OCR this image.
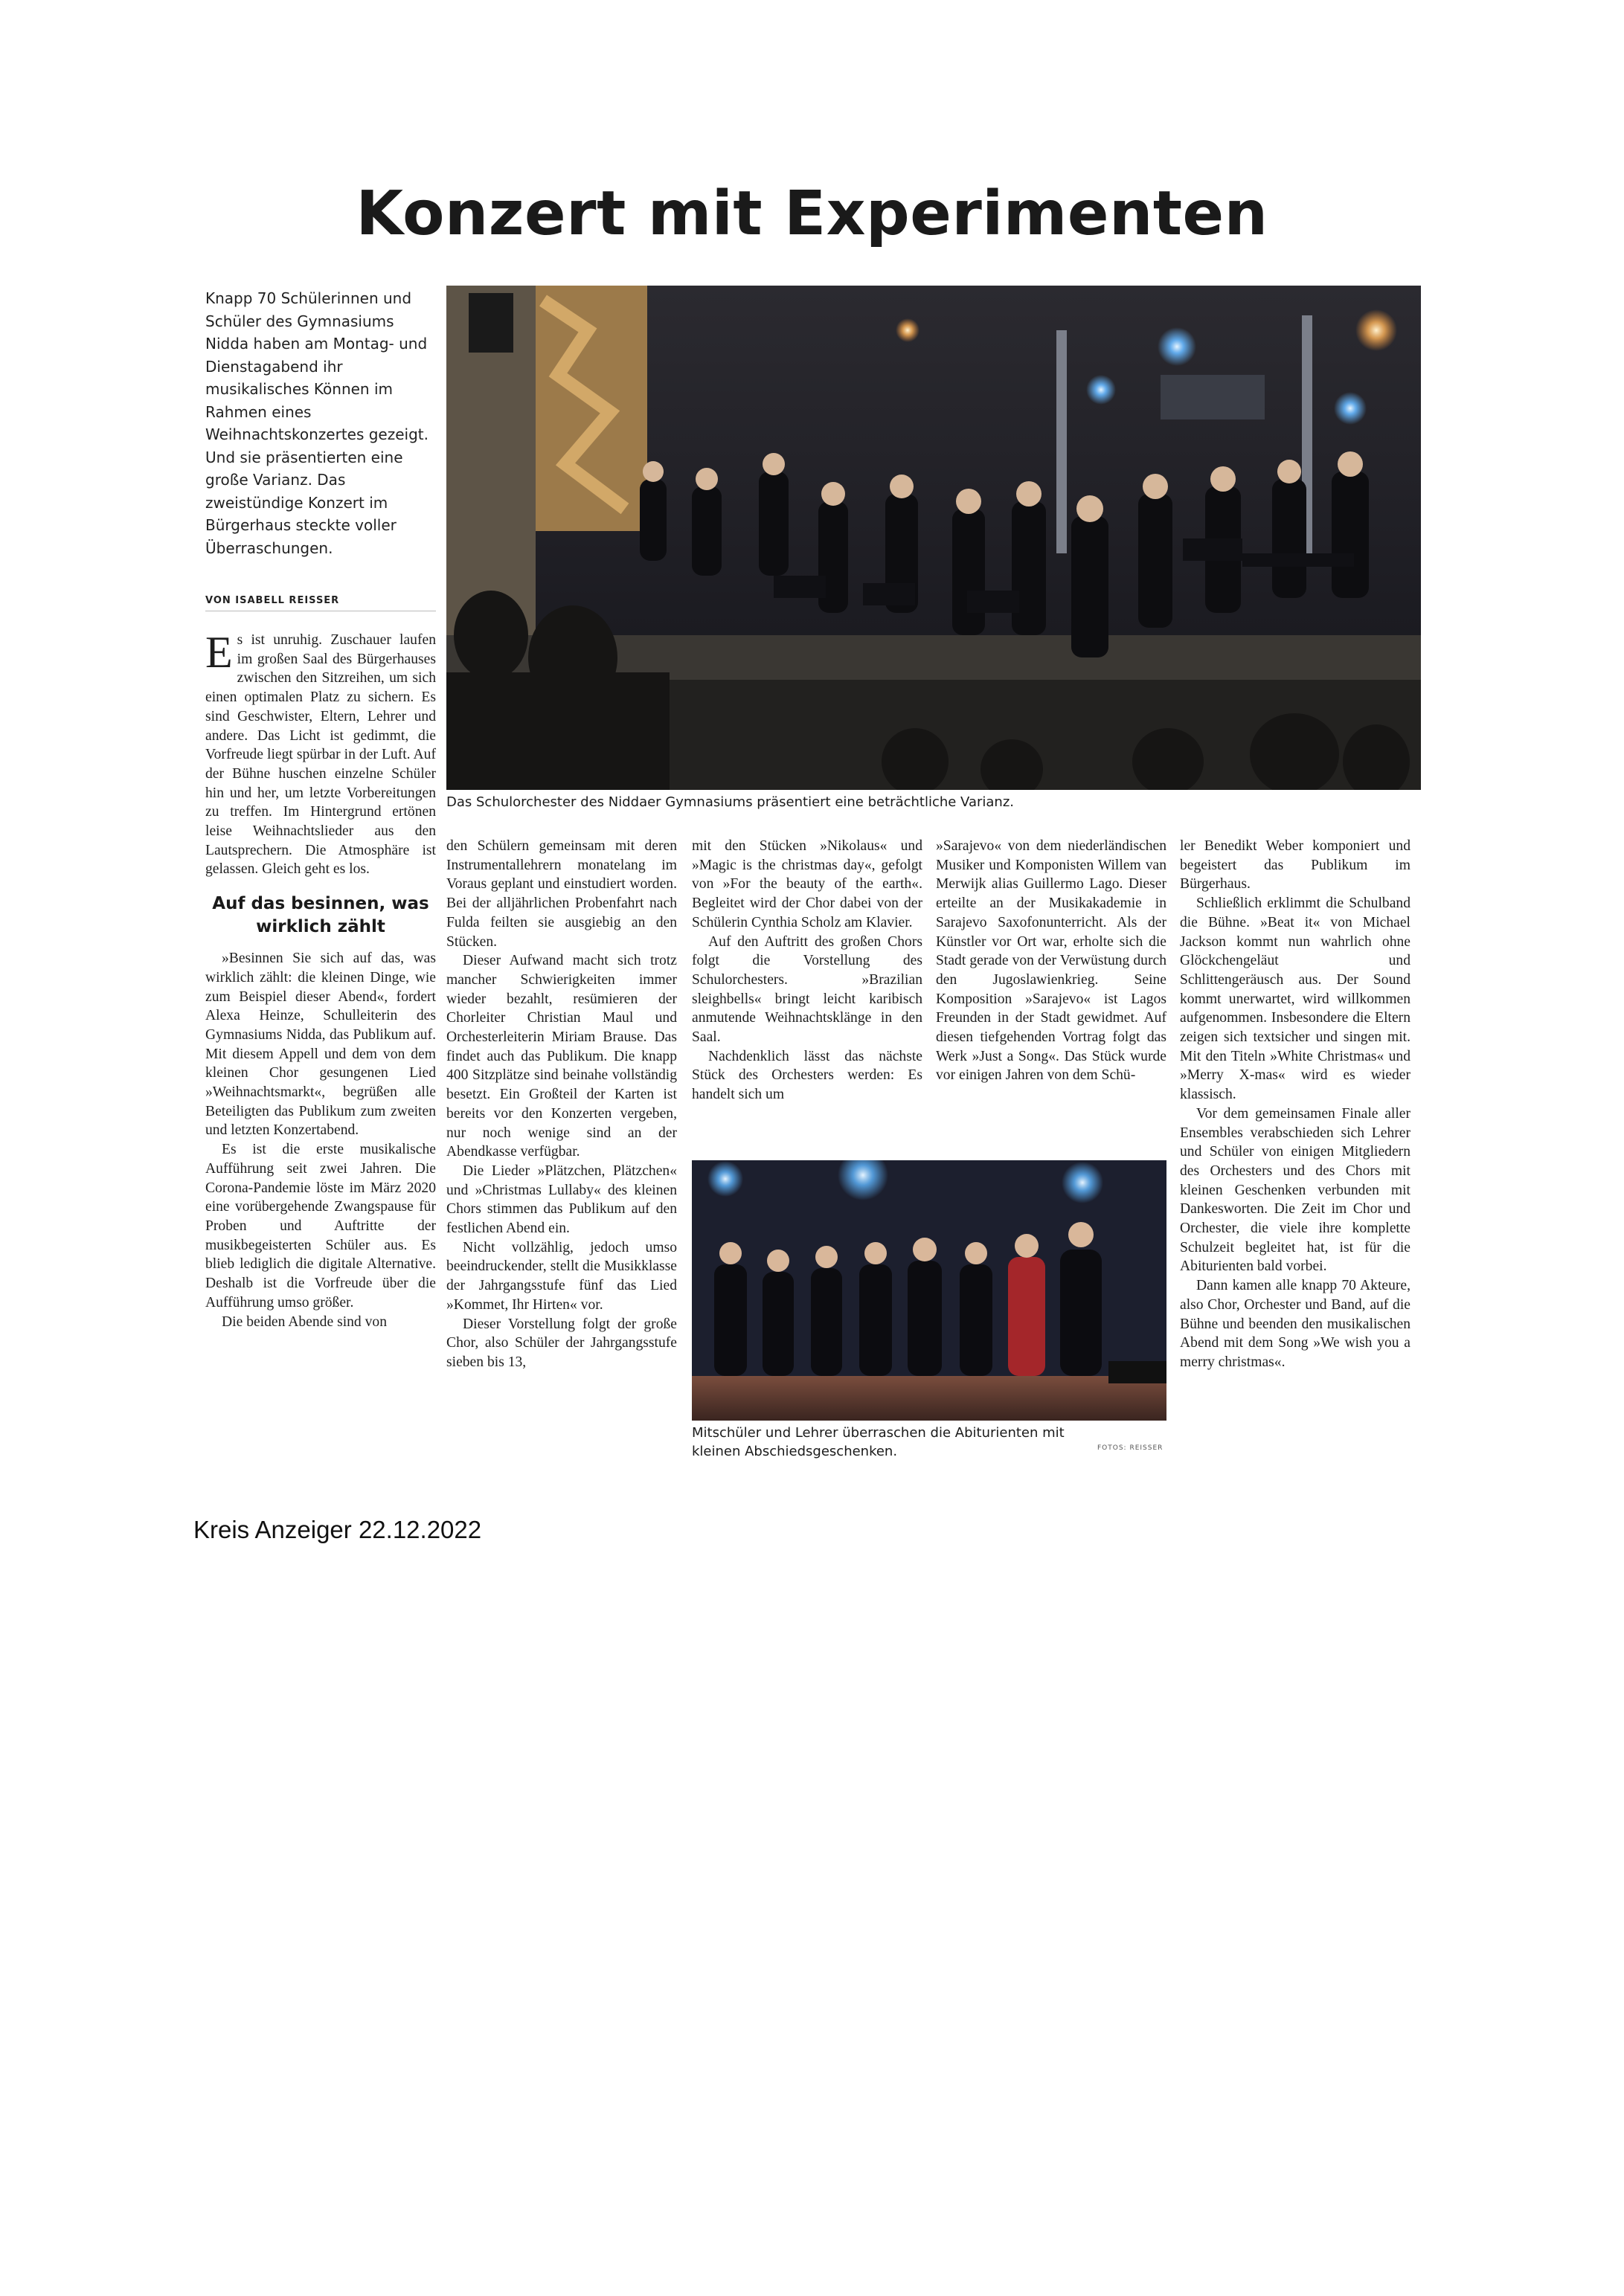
Konzert mit Experimenten
Knapp 70 Schülerinnen und Schüler des Gymnasiums Nidda haben am Montag- und Dienstagabend ihr musikalisches Können im Rahmen eines Weihnachtskonzertes gezeigt. Und sie präsentierten eine große Varianz. Das zweistündige Konzert im Bürgerhaus steckte voller Überraschungen.
VON ISABELL REISSER
Das Schulorchester des Niddaer Gymnasiums präsentiert eine beträchtliche Varianz.

Es ist unruhig. Zuschauer laufen im großen Saal des Bürgerhauses zwischen den Sitzreihen, um sich einen optimalen Platz zu sichern. Es sind Geschwister, Eltern, Lehrer und andere. Das Licht ist gedimmt, die Vorfreude liegt spürbar in der Luft. Auf der Bühne huschen einzelne Schüler hin und her, um letzte Vorbereitungen zu treffen. Im Hintergrund ertönen leise Weihnachtslieder aus den Lautsprechern. Die Atmosphäre ist gelassen. Gleich geht es los.

Auf das besinnen, was wirklich zählt

»Besinnen Sie sich auf das, was wirklich zählt: die kleinen Dinge, wie zum Beispiel dieser Abend«, fordert Alexa Heinze, Schulleiterin des Gymnasiums Nidda, das Publikum auf. Mit diesem Appell und dem von dem kleinen Chor gesungenen Lied »Weihnachtsmarkt«, begrüßen alle Beteiligten das Publikum zum zweiten und letzten Konzertabend.

Es ist die erste musikalische Aufführung seit zwei Jahren. Die Corona-Pandemie löste im März 2020 eine vorübergehende Zwangspause für Proben und Auftritte der musikbegeisterten Schüler aus. Es blieb lediglich die digitale Alternative. Deshalb ist die Vorfreude über die Aufführung umso größer.

Die beiden Abende sind von

den Schülern gemeinsam mit deren Instrumentallehrern monatelang im Voraus geplant und einstudiert worden. Bei der alljährlichen Probenfahrt nach Fulda feilten sie ausgiebig an den Stücken.

Dieser Aufwand macht sich trotz mancher Schwierigkeiten immer wieder bezahlt, resümieren der Chorleiter Christian Maul und Orchesterleiterin Miriam Brause. Das findet auch das Publikum. Die knapp 400 Sitzplätze sind beinahe vollständig besetzt. Ein Großteil der Karten ist bereits vor den Konzerten vergeben, nur noch wenige sind an der Abendkasse verfügbar.

Die Lieder »Plätzchen, Plätzchen« und »Christmas Lullaby« des kleinen Chors stimmen das Publikum auf den festlichen Abend ein.

Nicht vollzählig, jedoch umso beeindruckender, stellt die Musikklasse der Jahrgangsstufe fünf das Lied »Kommet, Ihr Hirten« vor.

Dieser Vorstellung folgt der große Chor, also Schüler der Jahrgangsstufe sieben bis 13,

mit den Stücken »Nikolaus« und »Magic is the christmas day«, gefolgt von »For the beauty of the earth«. Begleitet wird der Chor dabei von der Schülerin Cynthia Scholz am Klavier.

Auf den Auftritt des großen Chors folgt die Vorstellung des Schulorchesters. »Brazilian sleighbells« bringt leicht karibisch anmutende Weihnachtsklänge in den Saal.

Nachdenklich lässt das nächste Stück des Orchesters werden: Es handelt sich um

»Sarajevo« von dem niederländischen Musiker und Komponisten Willem van Merwijk alias Guillermo Lago. Dieser erteilte an der Musikakademie in Sarajevo Saxofonunterricht. Als der Künstler vor Ort war, erholte sich die Stadt gerade von der Verwüstung durch den Jugoslawienkrieg. Seine Komposition »Sarajevo« ist Lagos Freunden in der Stadt gewidmet. Auf diesen tiefgehenden Vortrag folgt das Werk »Just a Song«. Das Stück wurde vor einigen Jahren von dem Schü-

Mitschüler und Lehrer überraschen die Abiturienten mit kleinen Abschiedsgeschenken.	FOTOS: REISSER

ler Benedikt Weber komponiert und begeistert das Publikum im Bürgerhaus.

Schließlich erklimmt die Schulband die Bühne. »Beat it« von Michael Jackson kommt nun wahrlich ohne Glöckchengeläut und Schlittengeräusch aus. Der Sound kommt unerwartet, wird willkommen aufgenommen. Insbesondere die Eltern zeigen sich textsicher und singen mit. Mit den Titeln »White Christmas« und »Merry X-mas« wird es wieder klassisch.

Vor dem gemeinsamen Finale aller Ensembles verabschieden sich Lehrer und Schüler von einigen Mitgliedern des Orchesters und des Chors mit kleinen Geschenken verbunden mit Dankesworten. Die Zeit im Chor und Orchester, die viele ihre komplette Schulzeit begleitet hat, ist für die Abiturienten bald vorbei.

Dann kamen alle knapp 70 Akteure, also Chor, Orchester und Band, auf die Bühne und beenden den musikalischen Abend mit dem Song »We wish you a merry christmas«.

Kreis Anzeiger 22.12.2022
